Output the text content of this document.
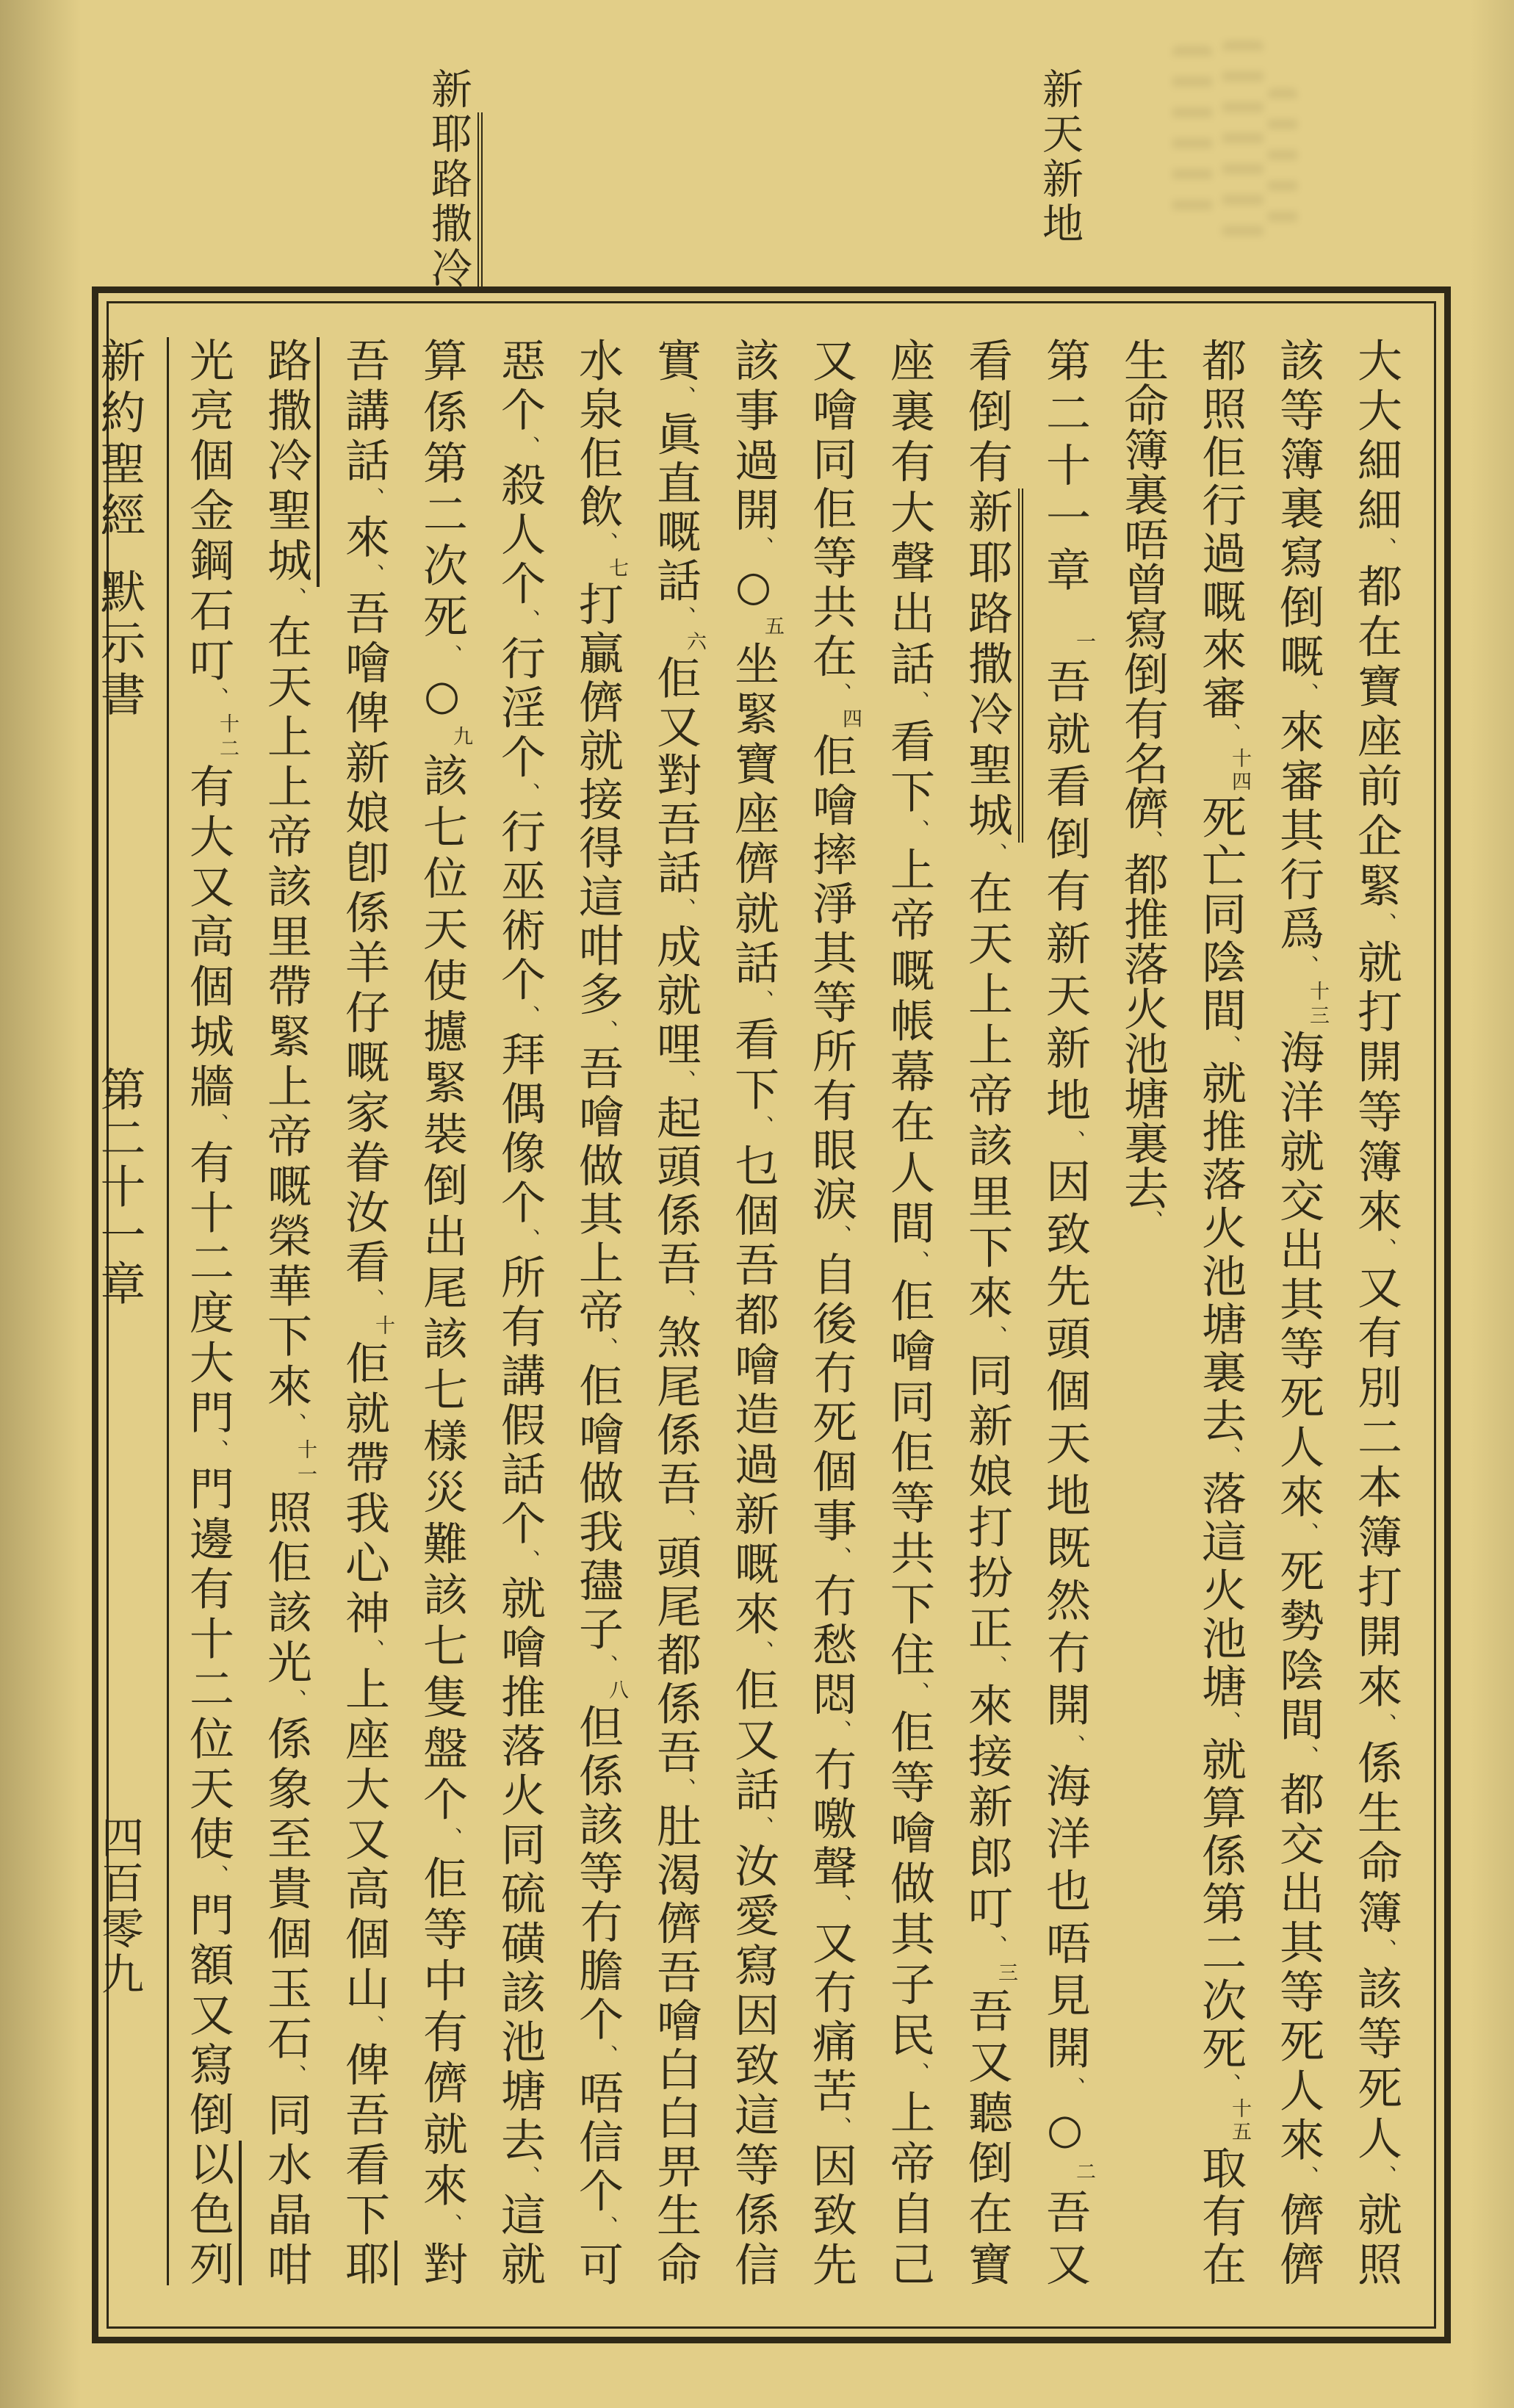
新耶路撒冷	新天新地
大大細細、都在寶座前企緊、就打開等簿來、又有別二本簿打開來、係生命簿、該等死人、就照
該等簿裏寫倒嘅、來審其行爲、十三海洋就交出其等死人來、死勢陰間、都交出其等死人來、儕儕
都照佢行過嘅來審、十四死亡同陰間、就推落火池塘裏去、落這火池塘、就算係第二次死、十五取有在
生命簿裏唔曾寫倒有名儕、都推落火池塘裏去、
第二十一章一吾就看倒有新天新地、因致先頭個天地既然冇開、海洋也唔見開、○二吾又
看倒有新耶路撒冷聖城、在天上上帝該里下來、同新娘打扮正、來接新郎叮、三吾又聽倒在寶
座裏有大聲出話、看下、上帝嘅帳幕在人間、佢噲同佢等共下住、佢等噲做其子民、上帝自己
又噲同佢等共在、四佢噲摔淨其等所有眼淚、自後冇死個事、冇愁悶、冇噭聲、又冇痛苦、因致先
該事過開、○五坐緊寶座儕就話、看下、乜個吾都噲造過新嘅來、佢又話、汝愛寫因致這等係信
實、眞直嘅話、六佢又對吾話、成就哩、起頭係吾、煞尾係吾、頭尾都係吾、肚渴儕吾噲白白畀生命
水泉佢飲、七打贏儕就接得這咁多、吾噲做其上帝、佢噲做我孻子、八但係該等冇膽个、唔信个、可
惡个、殺人个、行淫个、行巫術个、拜偶像个、所有講假話个、就噲推落火同硫磺該池塘去、這就
算係第二次死、○九該七位天使攄緊裝倒出尾該七樣災難該七隻盤个、佢等中有儕就來、對
吾講話、來、吾噲俾新娘卽係羊仔嘅家眷汝看、十佢就帶我心神、上座大又高個山、俾吾看下耶
路撒冷聖城、在天上上帝該里帶緊上帝嘅榮華下來、十一照佢該光、係象至貴個玉石、同水晶咁
光亮個金鋼石叮、十二有大又高個城牆、有十二度大門、門邊有十二位天使、門額又寫倒以色列
新約聖經默示書第二十一章四百零九
